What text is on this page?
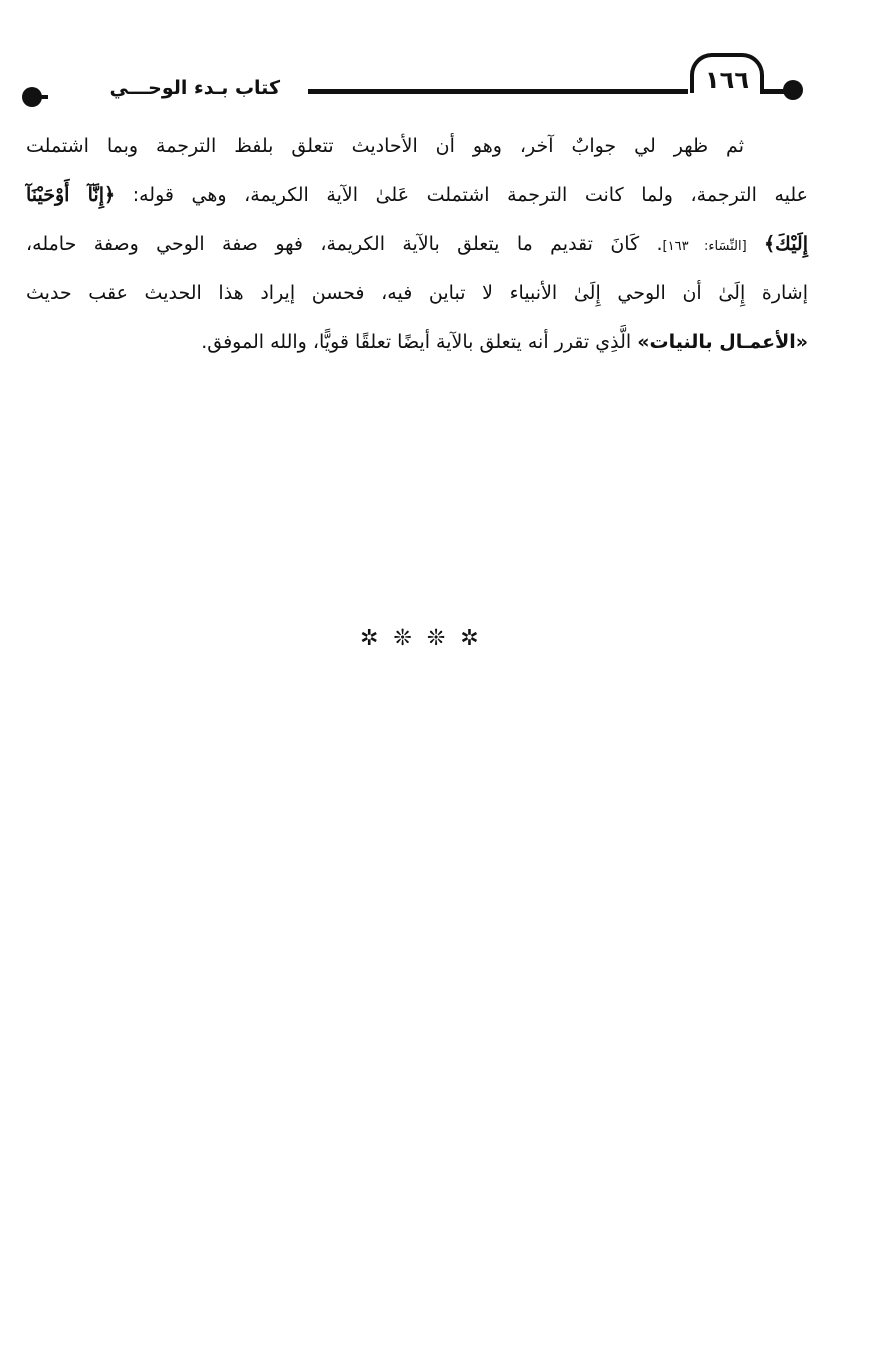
١٦٦
كتاب بـدء الوحـــي
ثم ظهر لي جوابٌ آخر، وهو أن الأحاديث تتعلق بلفظ الترجمة وبما اشتملت
عليه الترجمة، ولما كانت الترجمة اشتملت عَلىٰ الآية الكريمة، وهي قوله: ﴿إِنَّآ أَوْحَيْنَآ
إِلَيْكَ﴾ [النِّسَاء: ١٦٣]. كَانَ تقديم ما يتعلق بالآية الكريمة، فهو صفة الوحي وصفة حامله،
إشارة إِلَىٰ أن الوحي إِلَىٰ الأنبياء لا تباين فيه، فحسن إيراد هذا الحديث عقب حديث
«الأعمـال بالنيات» الَّذِي تقرر أنه يتعلق بالآية أيضًا تعلقًا قويًّا، والله الموفق.
✲ ❊ ❊ ✲
